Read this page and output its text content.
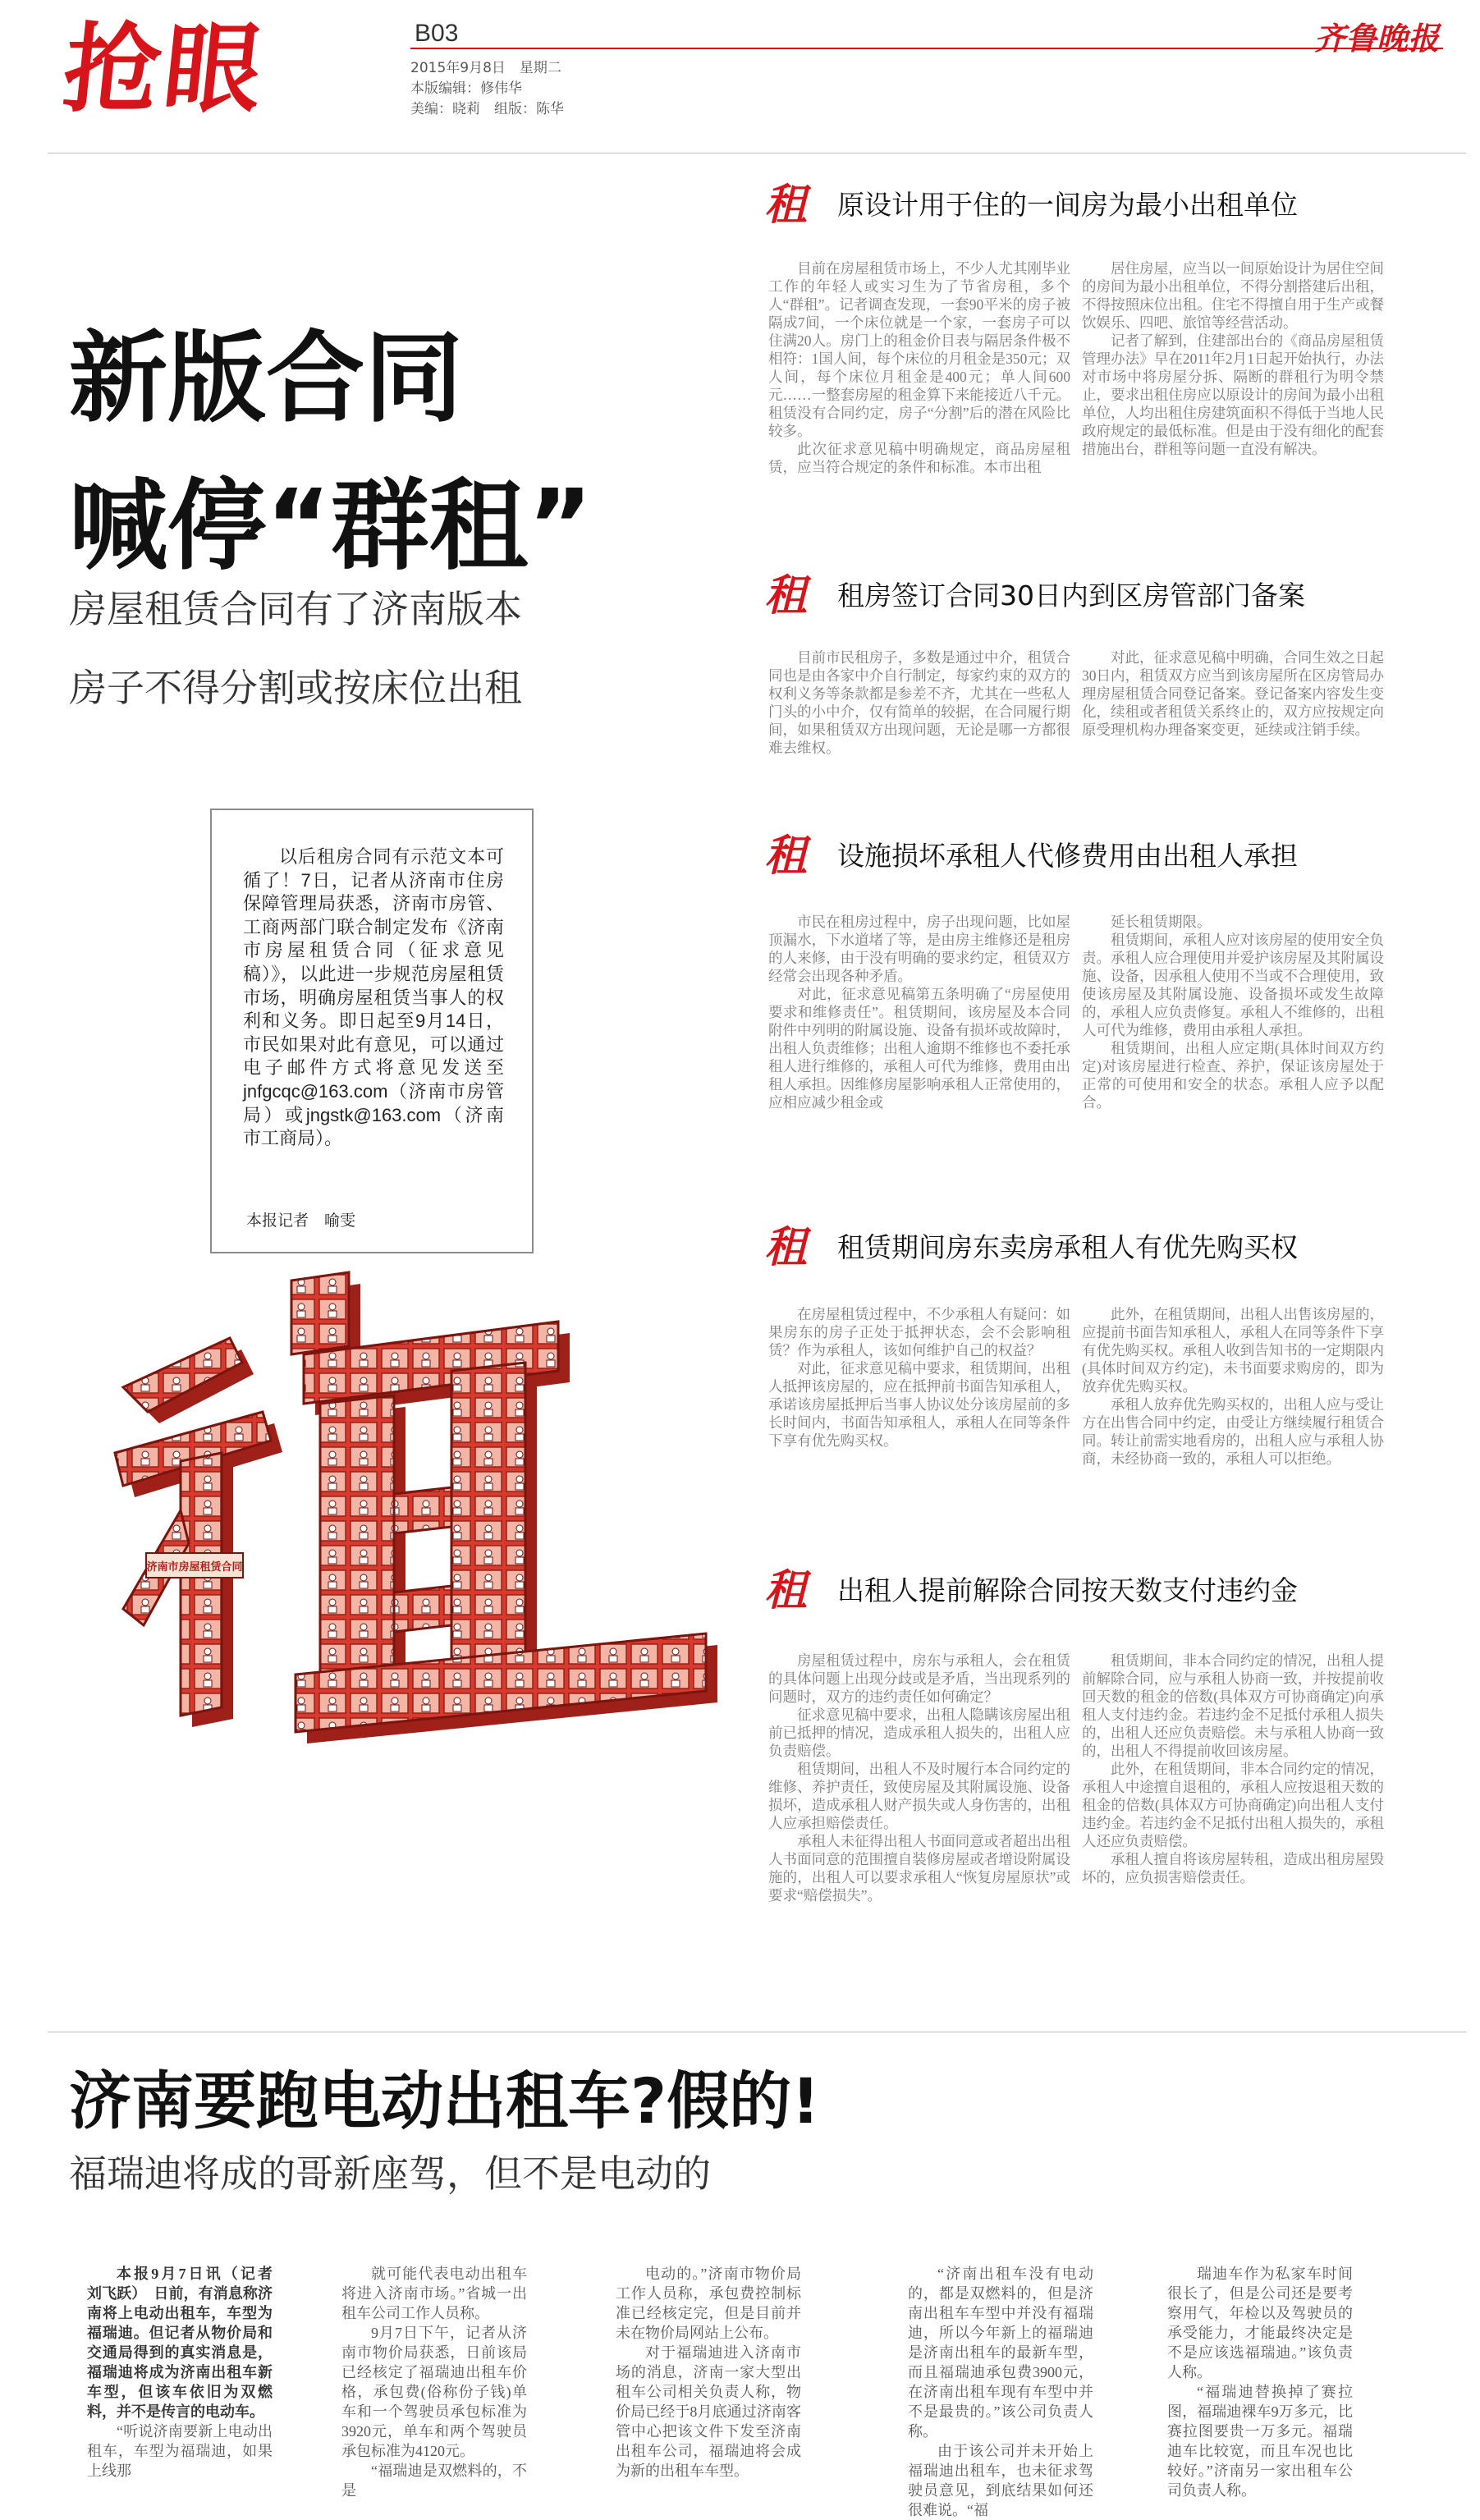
抢眼	B03
2015年9月8日　星期二
本版编辑：修伟华
美编：晓莉　组版：陈华
齐鲁晚报
新版合同
喊停“群租”
房屋租赁合同有了济南版本
房子不得分割或按床位出租
以后租房合同有示范文本可循了！7日，记者从济南市住房保障管理局获悉，济南市房管、工商两部门联合制定发布《济南市房屋租赁合同（征求意见稿）》，以此进一步规范房屋租赁市场，明确房屋租赁当事人的权利和义务。即日起至9月14日，市民如果对此有意见，可以通过电子邮件方式将意见发送至jnfgcqc@163.com（济南市房管局）或jngstk@163.com（济南市工商局）。
本报记者　喻雯
济南市房屋租赁合同
租
租 原设计用于住的一间房为最小出租单位

目前在房屋租赁市场上，不少人尤其刚毕业工作的年轻人或实习生为了节省房租，多个人“群租”。记者调查发现，一套90平米的房子被隔成7间，一个床位就是一个家，一套房子可以住满20人。房门上的租金价目表与隔居条件极不相符：1国人间，每个床位的月租金是350元；双人间，每个床位月租金是400元；单人间600元……一整套房屋的租金算下来能接近八千元。租赁没有合同约定，房子“分割”后的潜在风险比较多。

此次征求意见稿中明确规定，商品房屋租赁，应当符合规定的条件和标准。本市出租

居住房屋，应当以一间原始设计为居住空间的房间为最小出租单位，不得分割搭建后出租，不得按照床位出租。住宅不得擅自用于生产或餐饮娱乐、四吧、旅馆等经营活动。

记者了解到，住建部出台的《商品房屋租赁管理办法》早在2011年2月1日起开始执行，办法对市场中将房屋分拆、隔断的群租行为明令禁止，要求出租住房应以原设计的房间为最小出租单位，人均出租住房建筑面积不得低于当地人民政府规定的最低标准。但是由于没有细化的配套措施出台，群租等问题一直没有解决。

租 租房签订合同30日内到区房管部门备案

目前市民租房子，多数是通过中介，租赁合同也是由各家中介自行制定，每家约束的双方的权利义务等条款都是参差不齐，尤其在一些私人门头的小中介，仅有简单的较据，在合同履行期间，如果租赁双方出现问题，无论是哪一方都很难去维权。

对此，征求意见稿中明确，合同生效之日起30日内，租赁双方应当到该房屋所在区房管局办理房屋租赁合同登记备案。登记备案内容发生变化，续租或者租赁关系终止的，双方应按规定向原受理机构办理备案变更，延续或注销手续。

租 设施损坏承租人代修费用由出租人承担

市民在租房过程中，房子出现问题，比如屋顶漏水，下水道堵了等，是由房主维修还是租房的人来修，由于没有明确的要求约定，租赁双方经常会出现各种矛盾。

对此，征求意见稿第五条明确了“房屋使用要求和维修责任”。租赁期间，该房屋及本合同附件中列明的附属设施、设备有损坏或故障时，出租人负责维修；出租人逾期不维修也不委托承租人进行维修的，承租人可代为维修，费用由出租人承担。因维修房屋影响承租人正常使用的，应相应减少租金或

延长租赁期限。

租赁期间，承租人应对该房屋的使用安全负责。承租人应合理使用并爱护该房屋及其附属设施、设备，因承租人使用不当或不合理使用，致使该房屋及其附属设施、设备损坏或发生故障的，承租人应负责修复。承租人不维修的，出租人可代为维修，费用由承租人承担。

租赁期间，出租人应定期(具体时间双方约定)对该房屋进行检查、养护，保证该房屋处于正常的可使用和安全的状态。承租人应予以配合。

租 租赁期间房东卖房承租人有优先购买权

在房屋租赁过程中，不少承租人有疑问：如果房东的房子正处于抵押状态，会不会影响租赁？作为承租人，该如何维护自己的权益？

对此，征求意见稿中要求，租赁期间，出租人抵押该房屋的，应在抵押前书面告知承租人，承诺该房屋抵押后当事人协议处分该房屋前的多长时间内，书面告知承租人，承租人在同等条件下享有优先购买权。

此外，在租赁期间，出租人出售该房屋的，应提前书面告知承租人，承租人在同等条件下享有优先购买权。承租人收到告知书的一定期限内(具体时间双方约定)，未书面要求购房的，即为放弃优先购买权。

承租人放弃优先购买权的，出租人应与受让方在出售合同中约定，由受让方继续履行租赁合同。转让前需实地看房的，出租人应与承租人协商，未经协商一致的，承租人可以拒绝。

租 出租人提前解除合同按天数支付违约金

房屋租赁过程中，房东与承租人，会在租赁的具体问题上出现分歧或是矛盾，当出现系列的问题时，双方的违约责任如何确定？

征求意见稿中要求，出租人隐瞒该房屋出租前已抵押的情况，造成承租人损失的，出租人应负责赔偿。

租赁期间，出租人不及时履行本合同约定的维修、养护责任，致使房屋及其附属设施、设备损坏，造成承租人财产损失或人身伤害的，出租人应承担赔偿责任。

承租人未征得出租人书面同意或者超出出租人书面同意的范围擅自装修房屋或者增设附属设施的，出租人可以要求承租人“恢复房屋原状”或要求“赔偿损失”。

租赁期间，非本合同约定的情况，出租人提前解除合同，应与承租人协商一致，并按提前收回天数的租金的倍数(具体双方可协商确定)向承租人支付违约金。若违约金不足抵付承租人损失的，出租人还应负责赔偿。未与承租人协商一致的，出租人不得提前收回该房屋。

此外，在租赁期间，非本合同约定的情况，承租人中途擅自退租的，承租人应按退租天数的租金的倍数(具体双方可协商确定)向出租人支付违约金。若违约金不足抵付出租人损失的，承租人还应负责赔偿。

承租人擅自将该房屋转租，造成出租房屋毁坏的，应负损害赔偿责任。

济南要跑电动出租车?假的!
福瑞迪将成的哥新座驾，但不是电动的

本报9月7日讯（记者　刘飞跃）　日前，有消息称济南将上电动出租车，车型为福瑞迪。但记者从物价局和交通局得到的真实消息是，福瑞迪将成为济南出租车新车型，但该车依旧为双燃料，并不是传言的电动车。

“听说济南要新上电动出租车，车型为福瑞迪，如果上线那

就可能代表电动出租车将进入济南市场。”省城一出租车公司工作人员称。

9月7日下午，记者从济南市物价局获悉，日前该局已经核定了福瑞迪出租车价格，承包费(俗称份子钱)单车和一个驾驶员承包标准为3920元，单车和两个驾驶员承包标准为4120元。

“福瑞迪是双燃料的，不是

电动的。”济南市物价局工作人员称，承包费控制标准已经核定完，但是目前并未在物价局网站上公布。

对于福瑞迪进入济南市场的消息，济南一家大型出租车公司相关负责人称，物价局已经于8月底通过济南客管中心把该文件下发至济南出租车公司，福瑞迪将会成为新的出租车车型。

“济南出租车没有电动的，都是双燃料的，但是济南出租车车型中并没有福瑞迪，所以今年新上的福瑞迪是济南出租车的最新车型，而且福瑞迪承包费3900元，在济南出租车现有车型中并不是最贵的。”该公司负责人称。

由于该公司并未开始上福瑞迪出租车，也未征求驾驶员意见，到底结果如何还很难说。“福

瑞迪车作为私家车时间很长了，但是公司还是要考察用气，年检以及驾驶员的承受能力，才能最终决定是不是应该选福瑞迪。”该负责人称。

“福瑞迪替换掉了赛拉图，福瑞迪裸车9万多元，比赛拉图要贵一万多元。福瑞迪车比较宽，而且车况也比较好。”济南另一家出租车公司负责人称。
